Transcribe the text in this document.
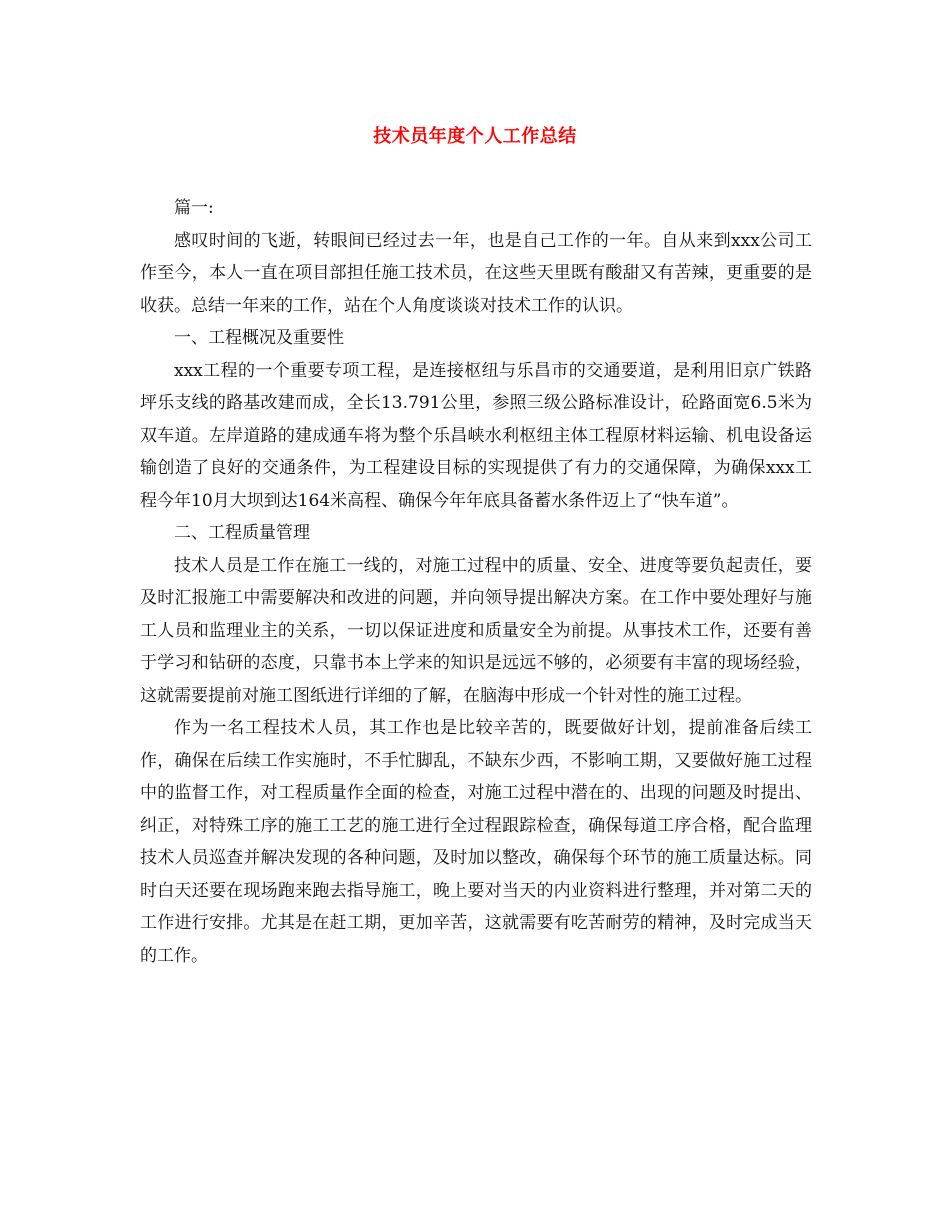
技术员年度个人工作总结

篇一:

感叹时间的飞逝，转眼间已经过去一年，也是自己工作的一年。自从来到xxx公司工作至今，本人一直在项目部担任施工技术员，在这些天里既有酸甜又有苦辣，更重要的是收获。总结一年来的工作，站在个人角度谈谈对技术工作的认识。

一、工程概况及重要性

xxx工程的一个重要专项工程，是连接枢纽与乐昌市的交通要道，是利用旧京广铁路坪乐支线的路基改建而成，全长13.791公里，参照三级公路标准设计，砼路面宽6.5米为双车道。左岸道路的建成通车将为整个乐昌峡水利枢纽主体工程原材料运输、机电设备运输创造了良好的交通条件，为工程建设目标的实现提供了有力的交通保障，为确保xxx工程今年10月大坝到达164米高程、确保今年年底具备蓄水条件迈上了“快车道”。

二、工程质量管理

技术人员是工作在施工一线的，对施工过程中的质量、安全、进度等要负起责任，要及时汇报施工中需要解决和改进的问题，并向领导提出解决方案。在工作中要处理好与施工人员和监理业主的关系，一切以保证进度和质量安全为前提。从事技术工作，还要有善于学习和钻研的态度，只靠书本上学来的知识是远远不够的，必须要有丰富的现场经验，这就需要提前对施工图纸进行详细的了解，在脑海中形成一个针对性的施工过程。

作为一名工程技术人员，其工作也是比较辛苦的，既要做好计划，提前准备后续工作，确保在后续工作实施时，不手忙脚乱，不缺东少西，不影响工期，又要做好施工过程中的监督工作，对工程质量作全面的检查，对施工过程中潜在的、出现的问题及时提出、纠正，对特殊工序的施工工艺的施工进行全过程跟踪检查，确保每道工序合格，配合监理技术人员巡查并解决发现的各种问题，及时加以整改，确保每个环节的施工质量达标。同时白天还要在现场跑来跑去指导施工，晚上要对当天的内业资料进行整理，并对第二天的工作进行安排。尤其是在赶工期，更加辛苦，这就需要有吃苦耐劳的精神，及时完成当天的工作。
